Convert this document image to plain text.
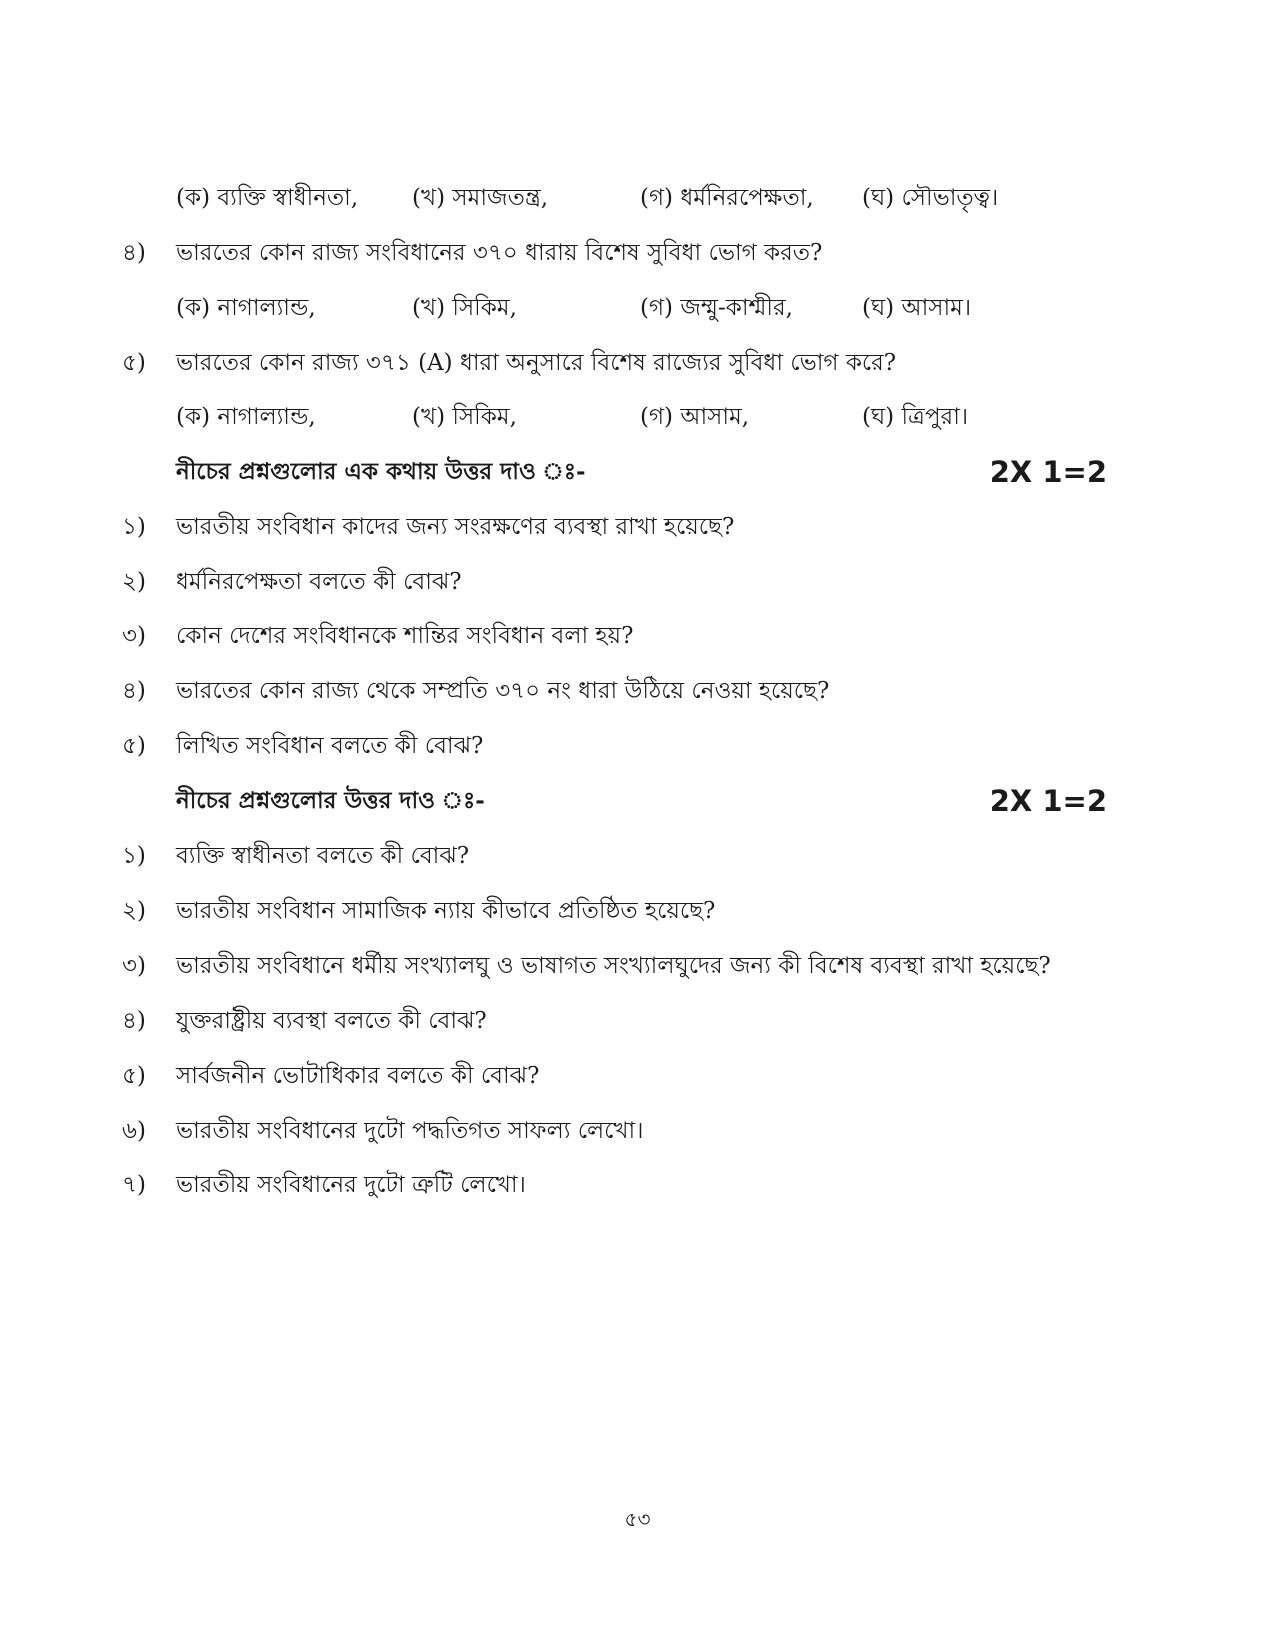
(ক) ব্যক্তি স্বাধীনতা, (খ) সমাজতন্ত্র,	(গ) ধর্মনিরপেক্ষতা, (ঘ) সৌভাতৃত্ব।
৪)	ভারতের কোন রাজ্য সংবিধানের ৩৭০ ধারায় বিশেষ সুবিধা ভোগ করত?
(ক) নাগাল্যান্ড,	(খ) সিকিম,	(গ) জম্মু-কাশ্মীর,	(ঘ) আসাম।
৫)	ভারতের কোন রাজ্য ৩৭১ (A) ধারা অনুসারে বিশেষ রাজ্যের সুবিধা ভোগ করে?
(ক) নাগাল্যান্ড,	(খ) সিকিম,	(গ) আসাম,	(ঘ) ত্রিপুরা।
নীচের প্রশ্নগুলোর এক কথায় উত্তর দাও ঃ-	2X 1=2
১)	ভারতীয় সংবিধান কাদের জন্য সংরক্ষণের ব্যবস্থা রাখা হয়েছে?
২)	ধর্মনিরপেক্ষতা বলতে কী বোঝ?
৩)	কোন দেশের সংবিধানকে শান্তির সংবিধান বলা হয়?
৪)	ভারতের কোন রাজ্য থেকে সম্প্রতি ৩৭০ নং ধারা উঠিয়ে নেওয়া হয়েছে?
৫)	লিখিত সংবিধান বলতে কী বোঝ?
নীচের প্রশ্নগুলোর উত্তর দাও ঃ-	2X 1=2
১)	ব্যক্তি স্বাধীনতা বলতে কী বোঝ?
২)	ভারতীয় সংবিধান সামাজিক ন্যায় কীভাবে প্রতিষ্ঠিত হয়েছে?
৩)	ভারতীয় সংবিধানে ধর্মীয় সংখ্যালঘু ও ভাষাগত সংখ্যালঘুদের জন্য কী বিশেষ ব্যবস্থা রাখা হয়েছে?
৪)	যুক্তরাষ্ট্রীয় ব্যবস্থা বলতে কী বোঝ?
৫)	সার্বজনীন ভোটাধিকার বলতে কী বোঝ?
৬)	ভারতীয় সংবিধানের দুটো পদ্ধতিগত সাফল্য লেখো।
৭)	ভারতীয় সংবিধানের দুটো ত্রুটি লেখো।
৫৩
